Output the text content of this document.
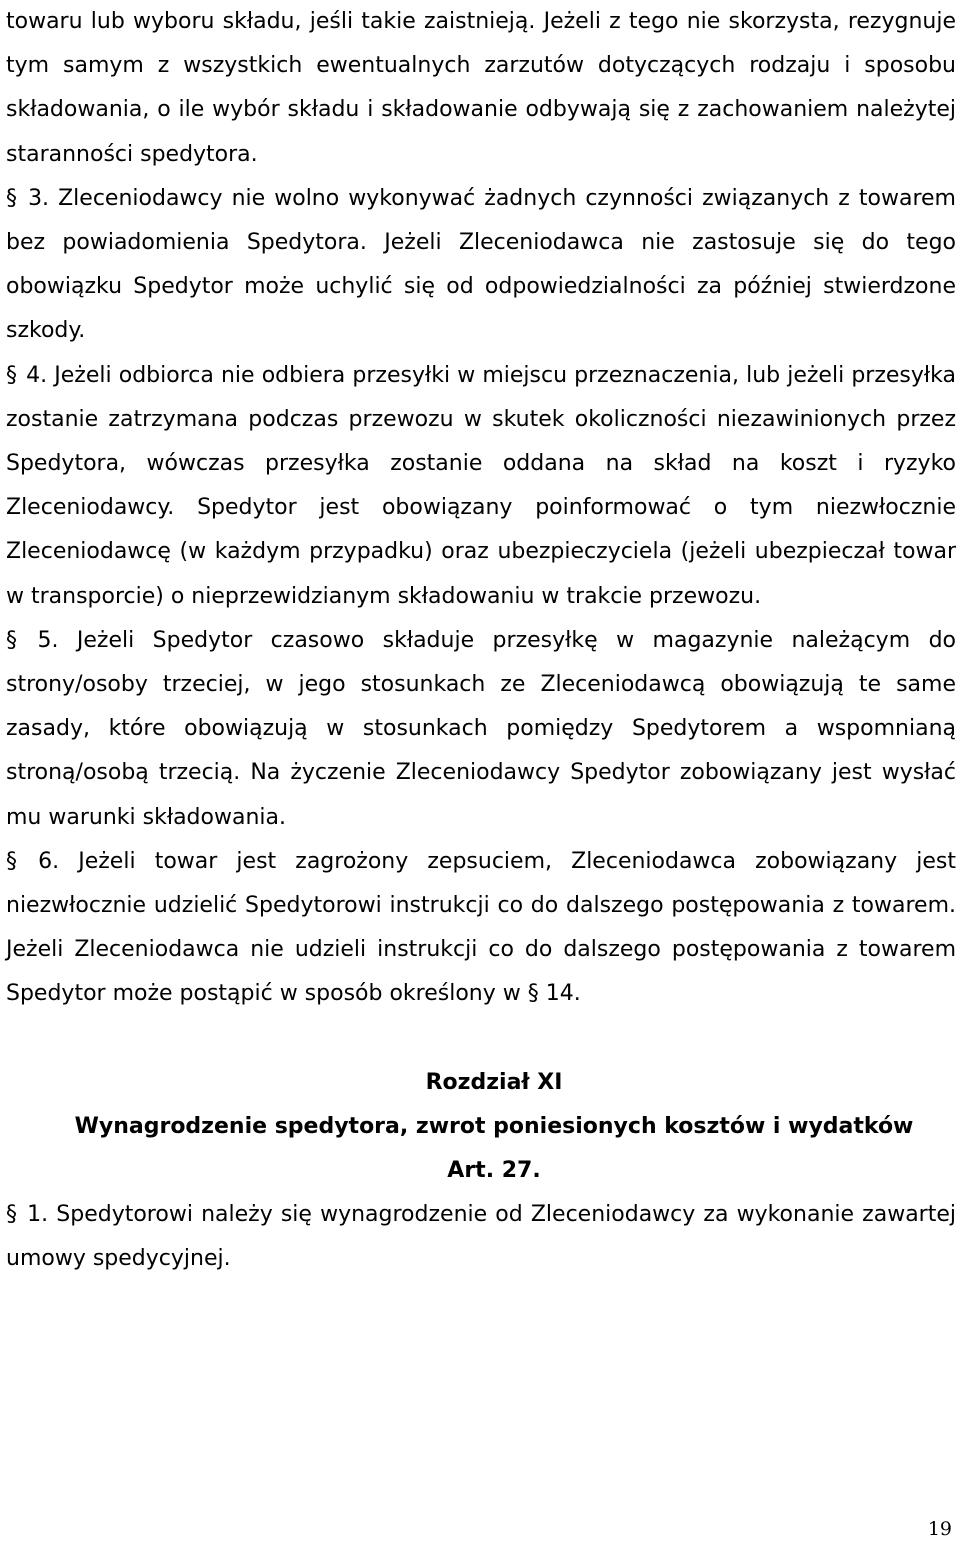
towaru lub wyboru składu, jeśli takie zaistnieją. Jeżeli z tego nie skorzysta, rezygnuje tym samym z wszystkich ewentualnych zarzutów dotyczących rodzaju i sposobu składowania, o ile wybór składu i składowanie odbywają się z zachowaniem należytej staranności spedytora.

§ 3. Zleceniodawcy nie wolno wykonywać żadnych czynności związanych z towarem bez powiadomienia Spedytora. Jeżeli Zleceniodawca nie zastosuje się do tego obowiązku Spedytor może uchylić się od odpowiedzialności za później stwierdzone szkody.

§ 4. Jeżeli odbiorca nie odbiera przesyłki w miejscu przeznaczenia, lub jeżeli przesyłka zostanie zatrzymana podczas przewozu w skutek okoliczności niezawinionych przez Spedytora, wówczas przesyłka zostanie oddana na skład na koszt i ryzyko Zleceniodawcy. Spedytor jest obowiązany poinformować o tym niezwłocznie Zleceniodawcę (w każdym przypadku) oraz ubezpieczyciela (jeżeli ubezpieczał towar w transporcie) o nieprzewidzianym składowaniu w trakcie przewozu.

§ 5. Jeżeli Spedytor czasowo składuje przesyłkę w magazynie należącym do strony/osoby trzeciej, w jego stosunkach ze Zleceniodawcą obowiązują te same zasady, które obowiązują w stosunkach pomiędzy Spedytorem a wspomnianą stroną/osobą trzecią. Na życzenie Zleceniodawcy Spedytor zobowiązany jest wysłać mu warunki składowania.

§ 6. Jeżeli towar jest zagrożony zepsuciem, Zleceniodawca zobowiązany jest niezwłocznie udzielić Spedytorowi instrukcji co do dalszego postępowania z towarem. Jeżeli Zleceniodawca nie udzieli instrukcji co do dalszego postępowania z towarem Spedytor może postąpić w sposób określony w § 14.

Rozdział XI

Wynagrodzenie spedytora, zwrot poniesionych kosztów i wydatków

Art. 27.

§ 1. Spedytorowi należy się wynagrodzenie od Zleceniodawcy za wykonanie zawartej umowy spedycyjnej.

19
